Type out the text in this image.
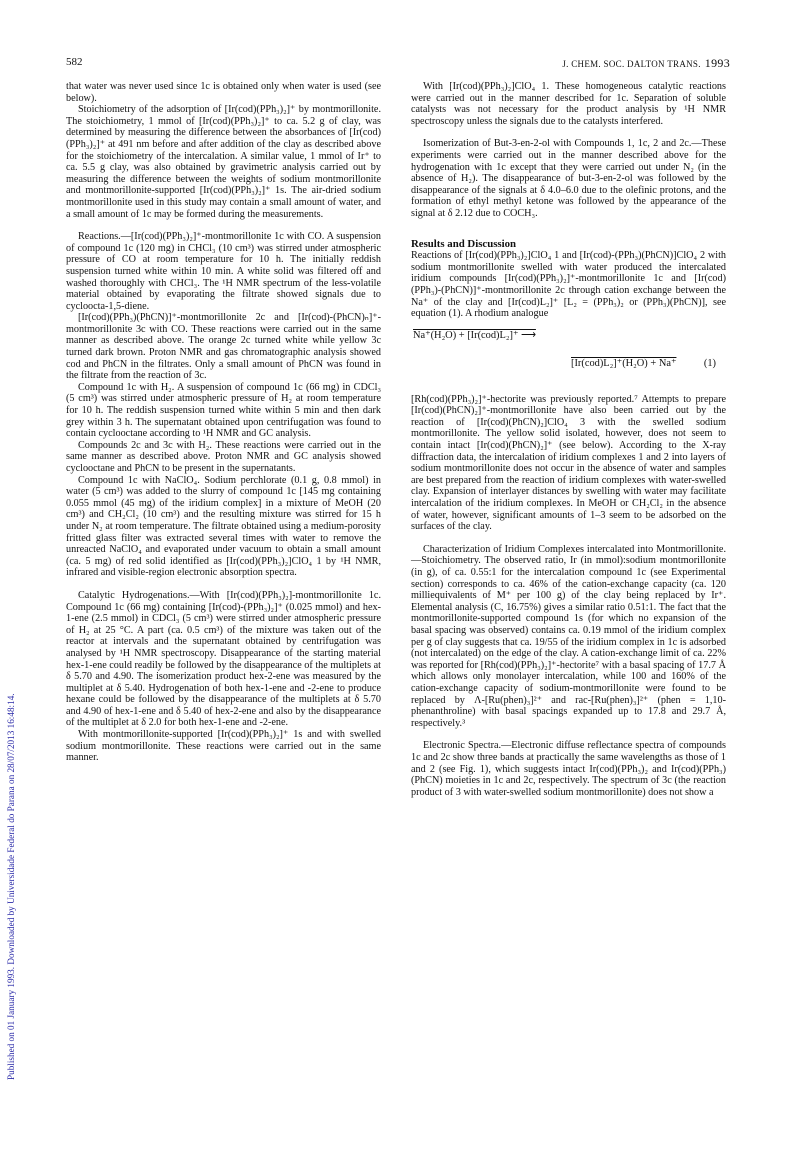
582	J. CHEM. SOC. DALTON TRANS. 1993
Published on 01 January 1993. Downloaded by Universidade Federal do Parana on 28/07/2013 16:48:14.

that water was never used since 1c is obtained only when water is used (see below).

Stoichiometry of the adsorption of [Ir(cod)(PPh₃)₂]⁺ by montmorillonite. The stoichiometry, 1 mmol of [Ir(cod)(PPh₃)₂]⁺ to ca. 5.2 g of clay, was determined by measuring the difference between the absorbances of [Ir(cod)(PPh₃)₂]⁺ at 491 nm before and after addition of the clay as described above for the stoichiometry of the intercalation. A similar value, 1 mmol of Ir⁺ to ca. 5.5 g clay, was also obtained by gravimetric analysis carried out by measuring the difference between the weights of sodium montmorillonite and montmorillonite-supported [Ir(cod)(PPh₃)₂]⁺ 1s. The air-dried sodium montmorillonite used in this study may contain a small amount of water, and a small amount of 1c may be formed during the measurements.

Reactions.—[Ir(cod)(PPh₃)₂]⁺-montmorillonite 1c with CO. A suspension of compound 1c (120 mg) in CHCl₃ (10 cm³) was stirred under atmospheric pressure of CO at room temperature for 10 h. The initially reddish suspension turned white within 10 min. A white solid was filtered off and washed thoroughly with CHCl₃. The ¹H NMR spectrum of the less-volatile material obtained by evaporating the filtrate showed signals due to cyclooctа-1,5-diene.

[Ir(cod)(PPh₃)(PhCN)]⁺-montmorillonite 2c and [Ir(cod)-(PhCN)ₙ]⁺-montmorillonite 3c with CO. These reactions were carried out in the same manner as described above. The orange 2c turned white while yellow 3c turned dark brown. Proton NMR and gas chromatographic analysis showed cod and PhCN in the filtrates. Only a small amount of PhCN was found in the filtrate from the reaction of 3c.

Compound 1c with H₂. A suspension of compound 1c (66 mg) in CDCl₃ (5 cm³) was stirred under atmospheric pressure of H₂ at room temperature for 10 h. The reddish suspension turned white within 5 min and then dark grey within 3 h. The supernatant obtained upon centrifugation was found to contain cyclooctane according to ¹H NMR and GC analysis.

Compounds 2c and 3c with H₂. These reactions were carried out in the same manner as described above. Proton NMR and GC analysis showed cyclooctane and PhCN to be present in the supernatants.

Compound 1c with NaClO₄. Sodium perchlorate (0.1 g, 0.8 mmol) in water (5 cm³) was added to the slurry of compound 1c [145 mg containing 0.055 mmol (45 mg) of the iridium complex] in a mixture of MeOH (20 cm³) and CH₂Cl₂ (10 cm³) and the resulting mixture was stirred for 15 h under N₂ at room temperature. The filtrate obtained using a medium-porosity fritted glass filter was extracted several times with water to remove the unreacted NaClO₄ and evaporated under vacuum to obtain a small amount (ca. 5 mg) of red solid identified as [Ir(cod)(PPh₃)₂]ClO₄ 1 by ¹H NMR, infrared and visible-region electronic absorption spectra.

Catalytic Hydrogenations.—With [Ir(cod)(PPh₃)₂]-montmorillonite 1c. Compound 1c (66 mg) containing [Ir(cod)-(PPh₃)₂]⁺ (0.025 mmol) and hex-1-ene (2.5 mmol) in CDCl₃ (5 cm³) were stirred under atmospheric pressure of H₂ at 25 °C. A part (ca. 0.5 cm³) of the mixture was taken out of the reactor at intervals and the supernatant obtained by centrifugation was analysed by ¹H NMR spectroscopy. Disappearance of the starting material hex-1-ene could readily be followed by the disappearance of the multiplets at δ 5.70 and 4.90. The isomerization product hex-2-ene was measured by the multiplet at δ 5.40. Hydrogenation of both hex-1-ene and -2-ene to produce hexane could be followed by the disappearance of the multiplets at δ 5.70 and 4.90 of hex-1-ene and δ 5.40 of hex-2-ene and also by the disappearance of the multiplet at δ 2.0 for both hex-1-ene and -2-ene.

With montmorillonite-supported [Ir(cod)(PPh₃)₂]⁺ 1s and with swelled sodium montmorillonite. These reactions were carried out in the same manner.

With [Ir(cod)(PPh₃)₂]ClO₄ 1. These homogeneous catalytic reactions were carried out in the manner described for 1c. Separation of soluble catalysts was not necessary for the product analysis by ¹H NMR spectroscopy unless the signals due to the catalysts interfered.

Isomerization of But-3-en-2-ol with Compounds 1, 1c, 2 and 2c.—These experiments were carried out in the manner described above for the hydrogenation with 1c except that they were carried out under N₂ (in the absence of H₂). The disappearance of but-3-en-2-ol was followed by the disappearance of the signals at δ 4.0–6.0 due to the olefinic protons, and the formation of ethyl methyl ketone was followed by the appearance of the signal at δ 2.12 due to COCH₃.

Results and Discussion

Reactions of [Ir(cod)(PPh₃)₂]ClO₄ 1 and [Ir(cod)-(PPh₃)(PhCN)]ClO₄ 2 with sodium montmorillonite swelled with water produced the intercalated iridium compounds [Ir(cod)(PPh₃)₂]⁺-montmorillonite 1c and [Ir(cod)(PPh₃)-(PhCN)]⁺-montmorillonite 2c through cation exchange between the Na⁺ of the clay and [Ir(cod)L₂]⁺ [L₂ = (PPh₃)₂ or (PPh₃)(PhCN)], see equation (1). A rhodium analogue

Na⁺(H₂O) + [Ir(cod)L₂]⁺ ⟶
[Ir(cod)L₂]⁺(H₂O) + Na⁺	(1)

[Rh(cod)(PPh₃)₂]⁺-hectorite was previously reported.⁷ Attempts to prepare [Ir(cod)(PhCN)₂]⁺-montmorillonite have also been carried out by the reaction of [Ir(cod)(PhCN)₂]ClO₄ 3 with the swelled sodium montmorillonite. The yellow solid isolated, however, does not seem to contain intact [Ir(cod)(PhCN)₂]⁺ (see below). According to the X-ray diffraction data, the intercalation of iridium complexes 1 and 2 into layers of sodium montmorillonite does not occur in the absence of water and samples are best prepared from the reaction of iridium complexes with water-swelled clay. Expansion of interlayer distances by swelling with water may facilitate intercalation of the iridium complexes. In MeOH or CH₂Cl₂ in the absence of water, however, significant amounts of 1–3 seem to be adsorbed on the surfaces of the clay.

Characterization of Iridium Complexes intercalated into Montmorillonite.—Stoichiometry. The observed ratio, Ir (in mmol):sodium montmorillonite (in g), of ca. 0.55:1 for the intercalation compound 1c (see Experimental section) corresponds to ca. 46% of the cation-exchange capacity (ca. 120 milliequivalents of M⁺ per 100 g) of the clay being replaced by Ir⁺. Elemental analysis (C, 16.75%) gives a similar ratio 0.51:1. The fact that the montmorillonite-supported compound 1s (for which no expansion of the basal spacing was observed) contains ca. 0.19 mmol of the iridium complex per g of clay suggests that ca. 19/55 of the iridium complex in 1c is adsorbed (not intercalated) on the edge of the clay. A cation-exchange limit of ca. 22% was reported for [Rh(cod)(PPh₃)₂]⁺-hectorite⁷ with a basal spacing of 17.7 Å which allows only monolayer intercalation, while 100 and 160% of the cation-exchange capacity of sodium-montmorillonite were found to be replaced by Λ-[Ru(phen)₃]²⁺ and rac-[Ru(phen)₃]²⁺ (phen = 1,10-phenanthroline) with basal spacings expanded up to 17.8 and 29.7 Å, respectively.³

Electronic Spectra.—Electronic diffuse reflectance spectra of compounds 1c and 2c show three bands at practically the same wavelengths as those of 1 and 2 (see Fig. 1), which suggests intact Ir(cod)(PPh₃)₂ and Ir(cod)(PPh₃)(PhCN) moieties in 1c and 2c, respectively. The spectrum of 3c (the reaction product of 3 with water-swelled sodium montmorillonite) does not show a
